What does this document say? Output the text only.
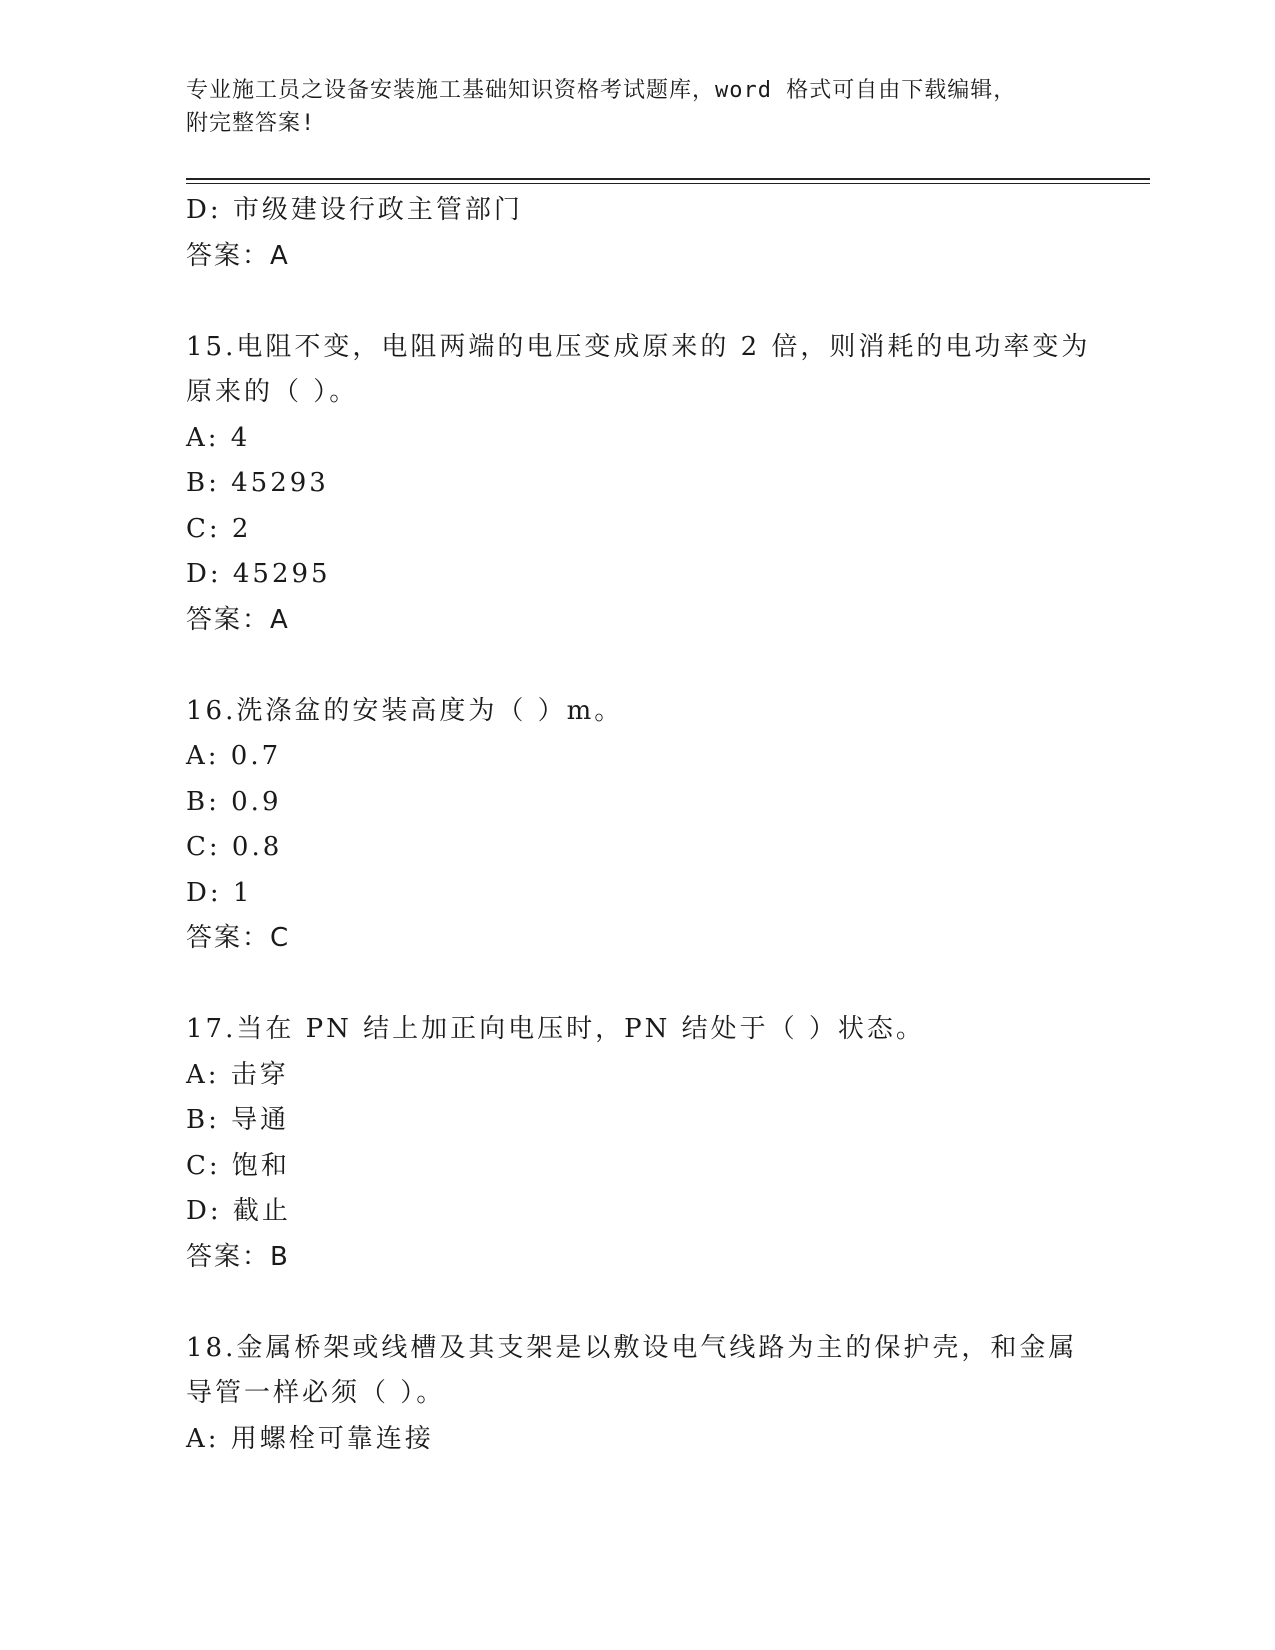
专业施工员之设备安装施工基础知识资格考试题库，word 格式可自由下载编辑，
附完整答案!
D: 市级建设行政主管部门
答案：A
15.电阻不变，电阻两端的电压变成原来的 2 倍，则消耗的电功率变为
原来的（ ）。
A: 4
B: 45293
C: 2
D: 45295
答案：A
16.洗涤盆的安装高度为（ ）m。
A: 0.7
B: 0.9
C: 0.8
D: 1
答案：C
17.当在 PN 结上加正向电压时，PN 结处于（ ）状态。
A: 击穿
B: 导通
C: 饱和
D: 截止
答案：B
18.金属桥架或线槽及其支架是以敷设电气线路为主的保护壳，和金属
导管一样必须（ ）。
A: 用螺栓可靠连接
